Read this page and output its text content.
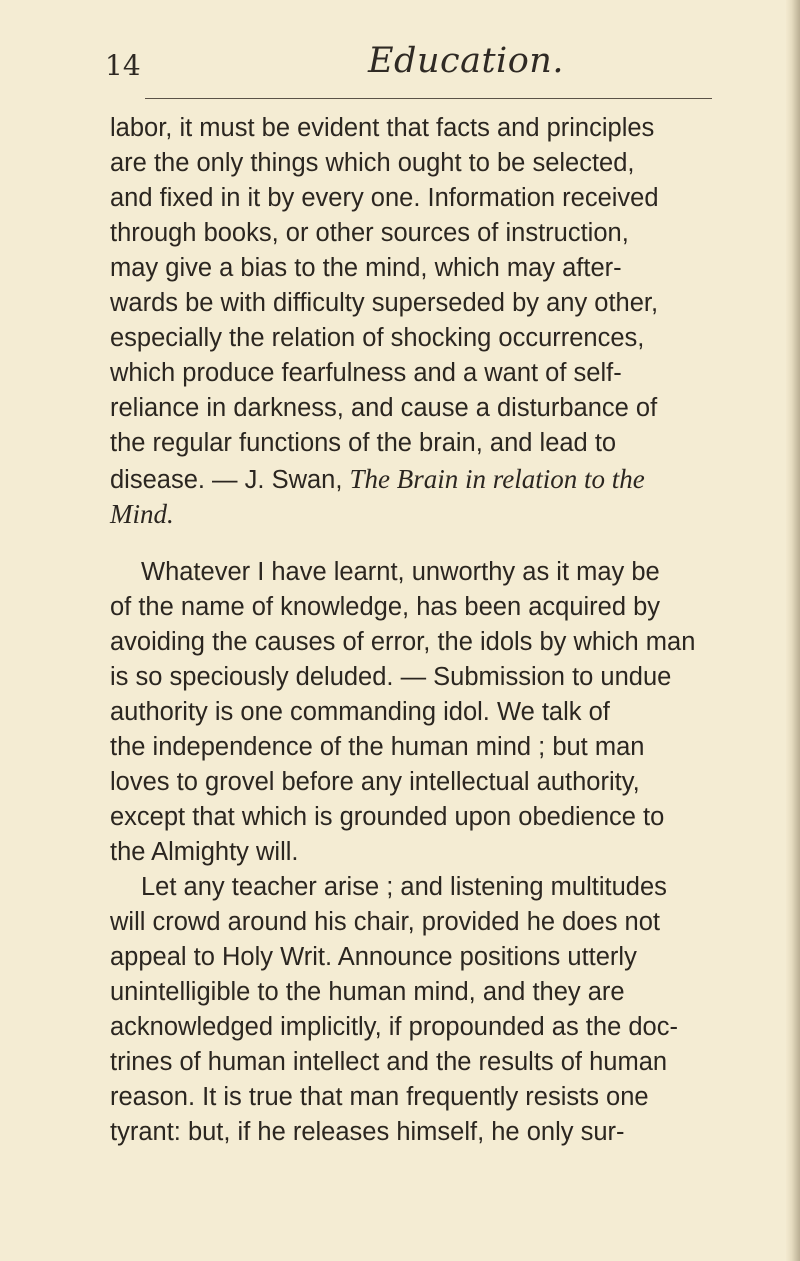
14	Education.

labor, it must be evident that facts and principles

are the only things which ought to be selected,

and fixed in it by every one. Information received

through books, or other sources of instruction,

may give a bias to the mind, which may after-

wards be with difficulty superseded by any other,

especially the relation of shocking occurrences,

which produce fearfulness and a want of self-

reliance in darkness, and cause a disturbance of

the regular functions of the brain, and lead to

disease. — J. Swan, The Brain in relation to the

Mind.

Whatever I have learnt, unworthy as it may be

of the name of knowledge, has been acquired by

avoiding the causes of error, the idols by which man

is so speciously deluded. — Submission to undue

authority is one commanding idol. We talk of

the independence of the human mind ; but man

loves to grovel before any intellectual authority,

except that which is grounded upon obedience to

the Almighty will.

Let any teacher arise ; and listening multitudes

will crowd around his chair, provided he does not

appeal to Holy Writ. Announce positions utterly

unintelligible to the human mind, and they are

acknowledged implicitly, if propounded as the doc-

trines of human intellect and the results of human

reason. It is true that man frequently resists one

tyrant: but, if he releases himself, he only sur-
